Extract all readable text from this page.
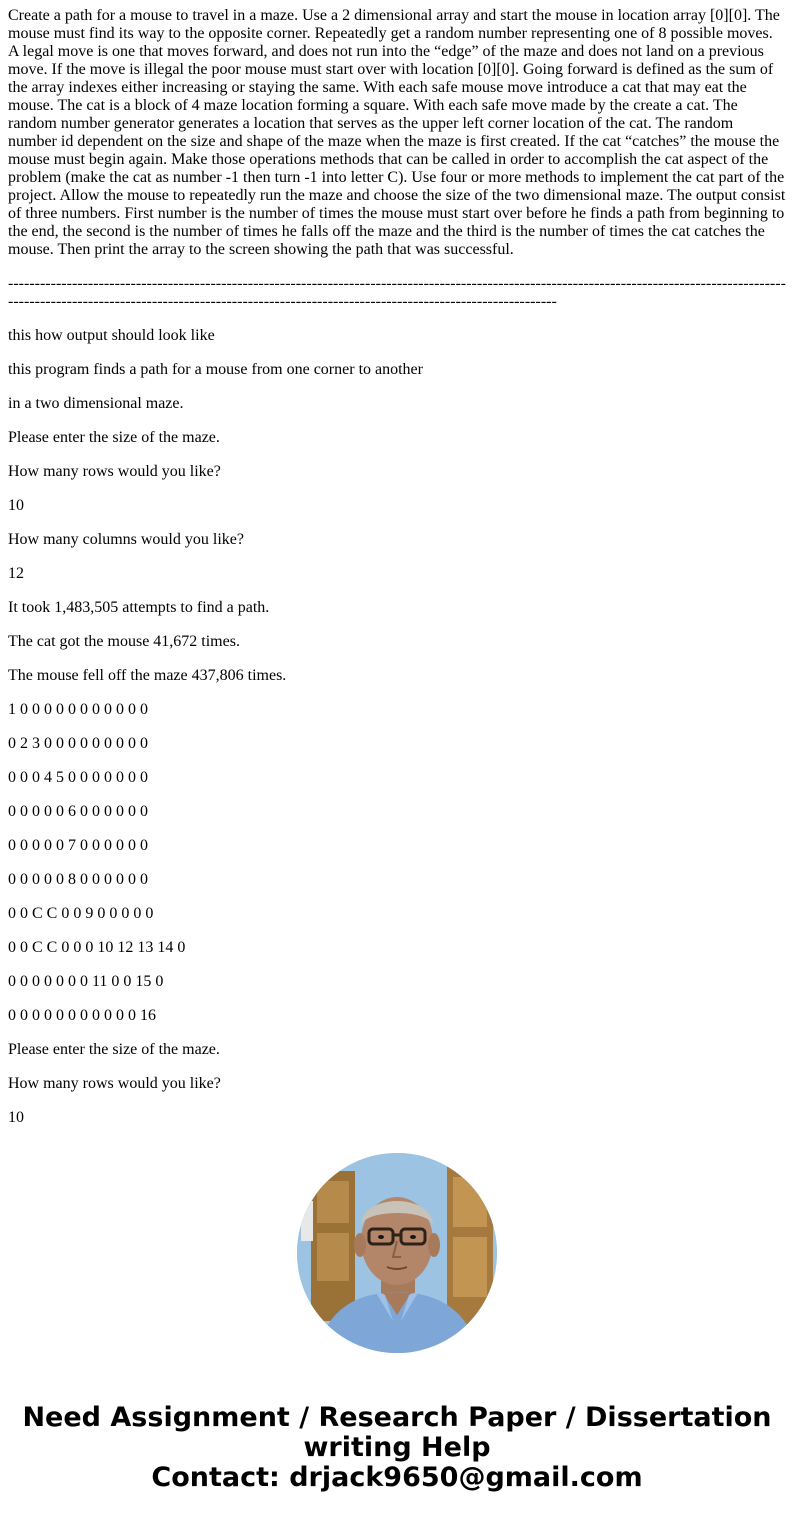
Create a path for a mouse to travel in a maze. Use a 2 dimensional array and start the mouse in location array [0][0]. The mouse must find its way to the opposite corner. Repeatedly get a random number representing one of 8 possible moves. A legal move is one that moves forward, and does not run into the “edge” of the maze and does not land on a previous move. If the move is illegal the poor mouse must start over with location [0][0]. Going forward is defined as the sum of the array indexes either increasing or staying the same. With each safe mouse move introduce a cat that may eat the mouse. The cat is a block of 4 maze location forming a square. With each safe move made by the create a cat. The random number generator generates a location that serves as the upper left corner location of the cat. The random number id dependent on the size and shape of the maze when the maze is first created. If the cat “catches” the mouse the mouse must begin again. Make those operations methods that can be called in order to accomplish the cat aspect of the problem (make the cat as number -1 then turn -1 into letter C). Use four or more methods to implement the cat part of the project. Allow the mouse to repeatedly run the maze and choose the size of the two dimensional maze. The output consist of three numbers. First number is the number of times the mouse must start over before he finds a path from beginning to the end, the second is the number of times he falls off the maze and the third is the number of times the cat catches the mouse. Then print the array to the screen showing the path that was successful.

---------------------------------------------------------------------------------------------------------------------------------------------------------------------------------------------------------------------------------------------------------

this how output should look like

this program finds a path for a mouse from one corner to another

in a two dimensional maze.

Please enter the size of the maze.

How many rows would you like?

10

How many columns would you like?

12

It took 1,483,505 attempts to find a path.

The cat got the mouse 41,672 times.

The mouse fell off the maze 437,806 times.

1 0 0 0 0 0 0 0 0 0 0 0

0 2 3 0 0 0 0 0 0 0 0 0

0 0 0 4 5 0 0 0 0 0 0 0

0 0 0 0 0 6 0 0 0 0 0 0

0 0 0 0 0 7 0 0 0 0 0 0

0 0 0 0 0 8 0 0 0 0 0 0

0 0 C C 0 0 9 0 0 0 0 0

0 0 C C 0 0 0 10 12 13 14 0

0 0 0 0 0 0 0 11 0 0 15 0

0 0 0 0 0 0 0 0 0 0 0 16

Please enter the size of the maze.

How many rows would you like?

10

Need Assignment / Research Paper / Dissertation
writing Help
Contact: drjack9650@gmail.com
